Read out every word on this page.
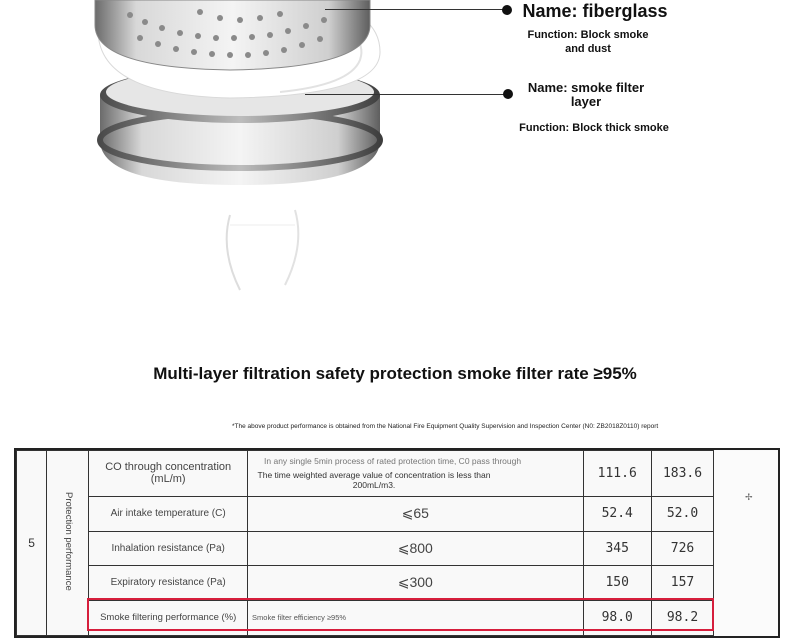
Name: fiberglass
Function: Block smoke and dust
Name: smoke filter layer
Function: Block thick smoke
Multi-layer filtration safety protection smoke filter rate ≥95%
*The above product performance is obtained from the National Fire Equipment Quality Supervision and Inspection Center (N0: ZB2018Z0110) report
5	Protection performance	CO through concentration (mL/m)	In any single 5min process of rated protection time, C0 pass through
The time weighted average value of concentration is less than 200mL/m3.	111.6	183.6	
		Air intake temperature (C)	⩽65	52.4	52.0	
		Inhalation resistance (Pa)	⩽800	345	726	
		Expiratory resistance (Pa)	⩽300	150	157	
		Smoke filtering performance (%)	Smoke filter efficiency ≥95%	98.0	98.2	
✢
